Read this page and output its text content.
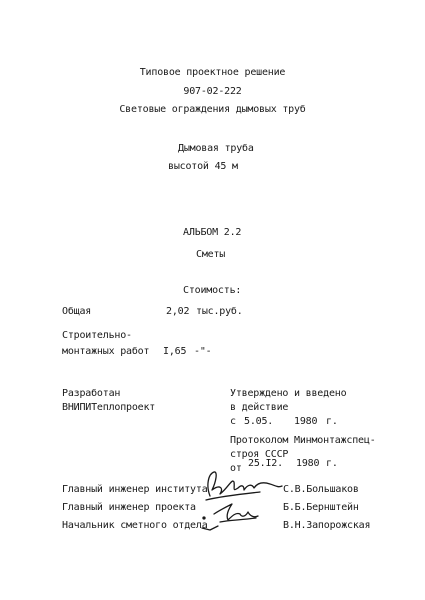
Типовое проектное решение
907-02-222
Световые ограждения дымовых труб
Дымовая труба
высотой 45 м
АЛЬБОМ 2.2
Сметы
Стоимость:
Общая	2,02 тыс.руб.
Строительно-
монтажных работ I,65 -"-
Разработан
ВНИПИТеплопроект
Утверждено и введено
в действие
с 5.05. 1980 г.
Протоколом Минмонтажспец-
строя СССР
от 25.I2. 1980 г.
Главный инженер института	С.В.Большаков
Главный инженер проекта	Б.Б.Бернштейн
Начальник сметного отдела	В.Н.Запорожская
